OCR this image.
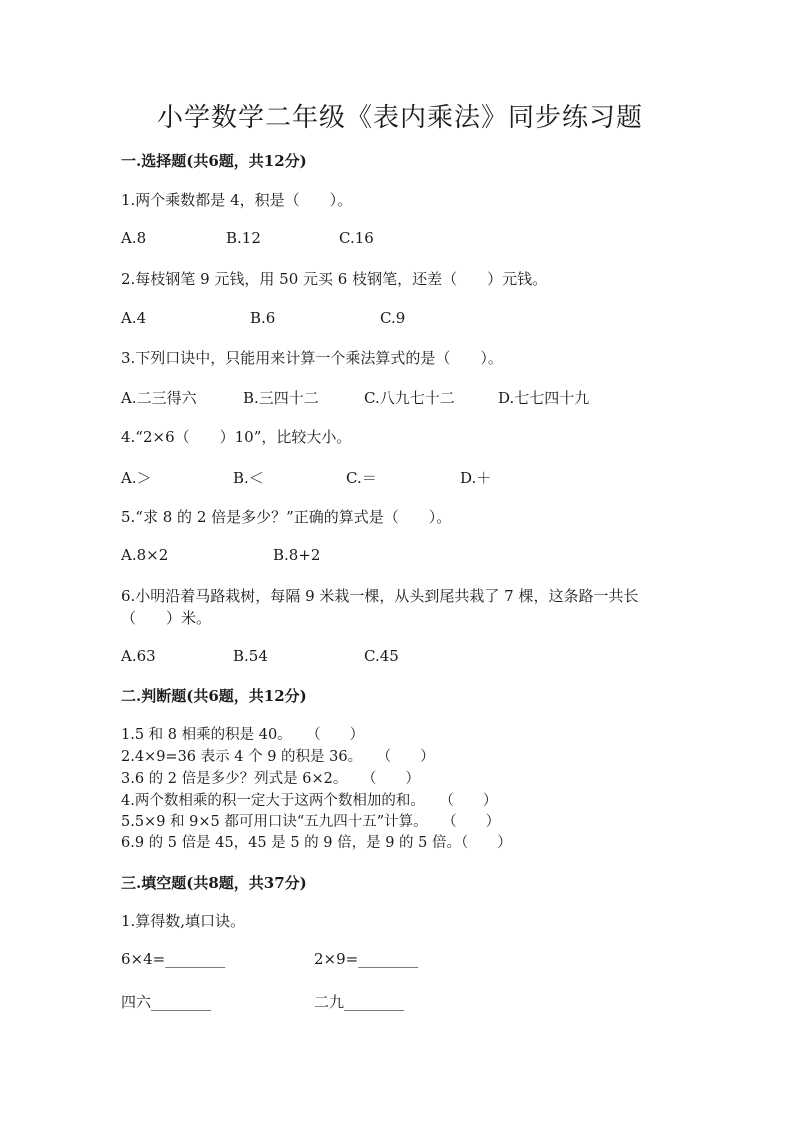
小学数学二年级《表内乘法》同步练习题
一.选择题(共6题，共12分)
1.两个乘数都是 4，积是（　　）。
A.8	B.12	C.16
2.每枝钢笔 9 元钱，用 50 元买 6 枝钢笔，还差（　　）元钱。
A.4	B.6	C.9
3.下列口诀中，只能用来计算一个乘法算式的是（　　）。
A.二三得六	B.三四十二	C.八九七十二	D.七七四十九
4.“2×6（　　）10”，比较大小。
A.＞	B.＜	C.＝	D.＋
5.“求 8 的 2 倍是多少？”正确的算式是（　　）。
A.8×2	B.8+2
6.小明沿着马路栽树，每隔 9 米栽一棵，从头到尾共栽了 7 棵，这条路一共长
（　　）米。
A.63	B.54	C.45
二.判断题(共6题，共12分)
1.5 和 8 相乘的积是 40。　　（　　）
2.4×9=36 表示 4 个 9 的积是 36。　　（　　）
3.6 的 2 倍是多少？列式是 6×2。　　（　　）
4.两个数相乘的积一定大于这两个数相加的和。　　（　　）
5.5×9 和 9×5 都可用口诀“五九四十五”计算。　　（　　）
6.9 的 5 倍是 45，45 是 5 的 9 倍，是 9 的 5 倍。（　　）
三.填空题(共8题，共37分)
1.算得数,填口诀。
6×4=________	2×9=________
四六________	二九________
